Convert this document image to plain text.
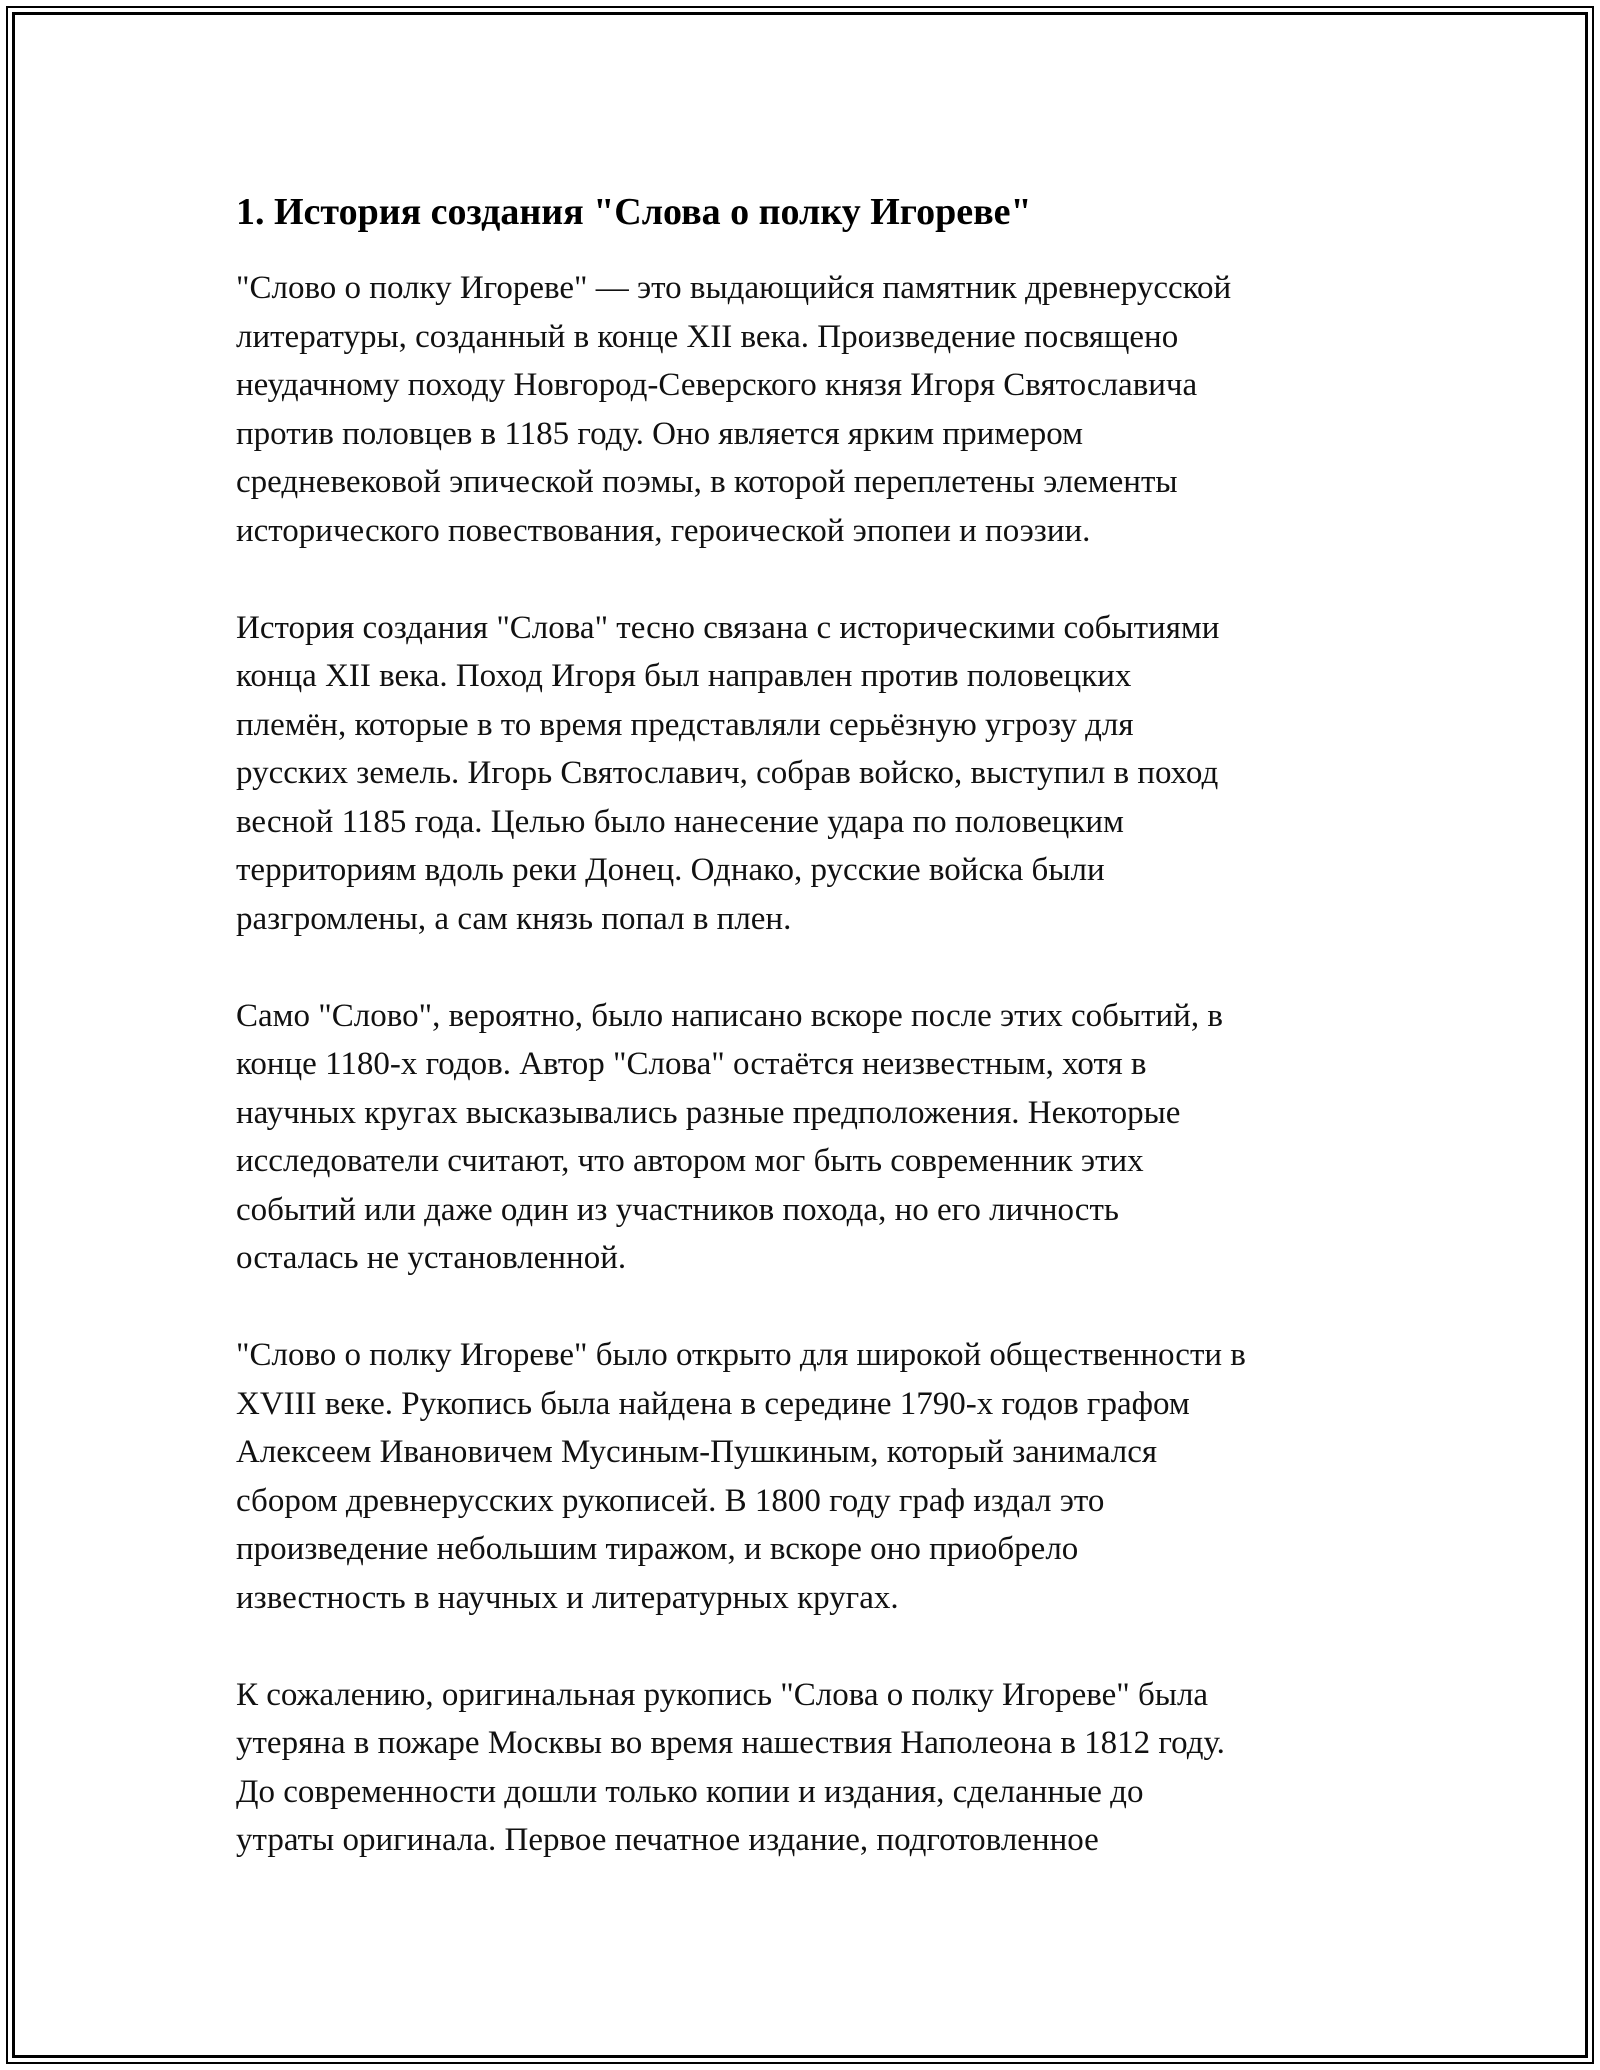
1. История создания "Слова о полку Игореве"

"Слово о полку Игореве" — это выдающийся памятник древнерусской
литературы, созданный в конце XII века. Произведение посвящено
неудачному походу Новгород-Северского князя Игоря Святославича
против половцев в 1185 году. Оно является ярким примером
средневековой эпической поэмы, в которой переплетены элементы
исторического повествования, героической эпопеи и поэзии.

История создания "Слова" тесно связана с историческими событиями
конца XII века. Поход Игоря был направлен против половецких
племён, которые в то время представляли серьёзную угрозу для
русских земель. Игорь Святославич, собрав войско, выступил в поход
весной 1185 года. Целью было нанесение удара по половецким
территориям вдоль реки Донец. Однако, русские войска были
разгромлены, а сам князь попал в плен.

Само "Слово", вероятно, было написано вскоре после этих событий, в
конце 1180-х годов. Автор "Слова" остаётся неизвестным, хотя в
научных кругах высказывались разные предположения. Некоторые
исследователи считают, что автором мог быть современник этих
событий или даже один из участников похода, но его личность
осталась не установленной.

"Слово о полку Игореве" было открыто для широкой общественности в
XVIII веке. Рукопись была найдена в середине 1790-х годов графом
Алексеем Ивановичем Мусиным-Пушкиным, который занимался
сбором древнерусских рукописей. В 1800 году граф издал это
произведение небольшим тиражом, и вскоре оно приобрело
известность в научных и литературных кругах.

К сожалению, оригинальная рукопись "Слова о полку Игореве" была
утеряна в пожаре Москвы во время нашествия Наполеона в 1812 году.
До современности дошли только копии и издания, сделанные до
утраты оригинала. Первое печатное издание, подготовленное
